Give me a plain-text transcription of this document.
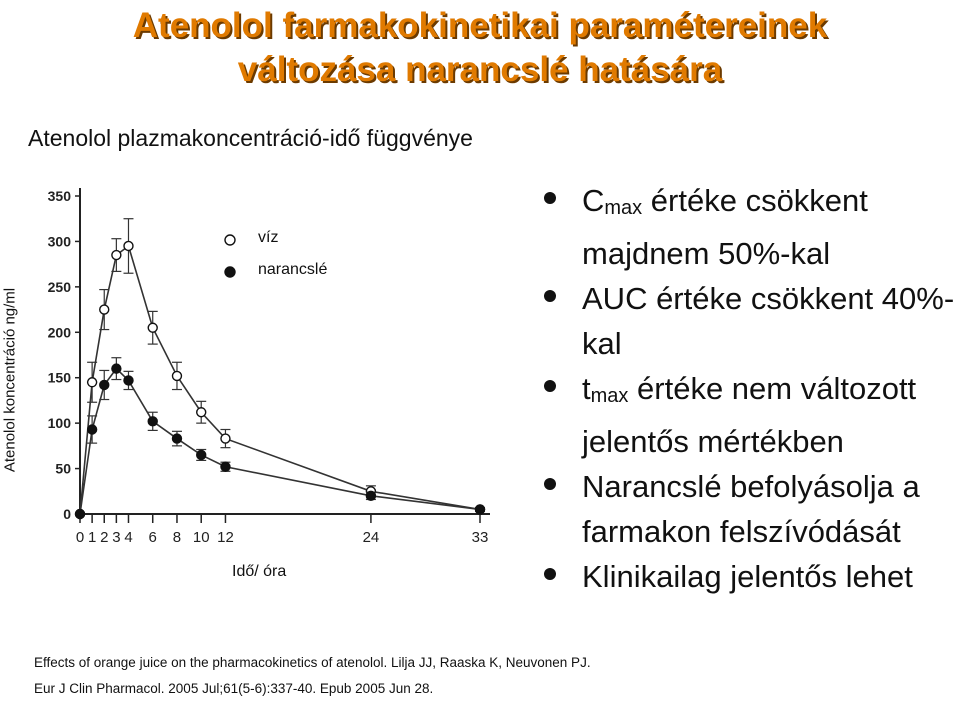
Atenolol farmakokinetikai paramétereinek
változása narancslé hatására
Atenolol plazmakoncentráció-idő függvénye
Atenolol koncentráció ng/ml
0
50
100
150
200
250
300
350
0 1 2 3 4 6 8 10 12	24	33
víz
narancslé
Idő/ óra
$C_{max}$ értéke csökkent majdnem 50%-kal
AUC értéke csökkent 40%-kal
$t_{max}$ értéke nem változott jelentős mértékben
Narancslé befolyásolja a farmakon felszívódását
Klinikailag jelentős lehet
Effects of orange juice on the pharmacokinetics of atenolol. Lilja JJ, Raaska K, Neuvonen PJ.
Eur J Clin Pharmacol. 2005 Jul;61(5-6):337-40. Epub 2005 Jun 28.
